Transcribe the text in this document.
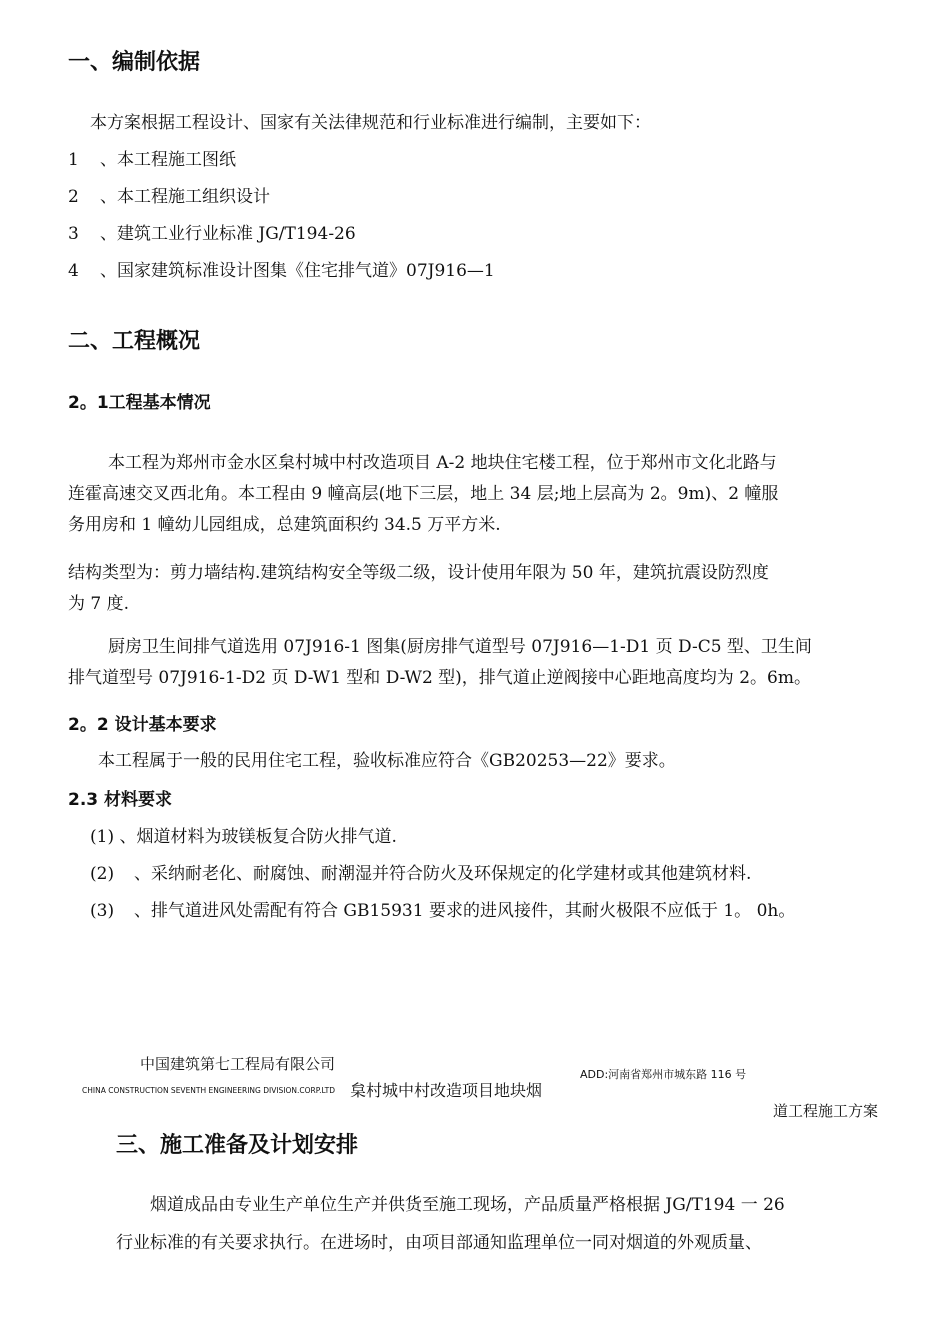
一、编制依据
本方案根据工程设计、国家有关法律规范和行业标准进行编制，主要如下：
1 、本工程施工图纸
2 、本工程施工组织设计
3 、建筑工业行业标准 JG/T194-26
4 、国家建筑标准设计图集《住宅排气道》07J916—1
二、工程概况
2。1工程基本情况
本工程为郑州市金水区枲村城中村改造项目 A-2 地块住宅楼工程，位于郑州市文化北路与
连霍高速交叉西北角。本工程由 9 幢高层(地下三层，地上 34 层;地上层高为 2。9m)、2 幢服
务用房和 1 幢幼儿园组成，总建筑面积约 34.5 万平方米.
结构类型为：剪力墙结构.建筑结构安全等级二级，设计使用年限为 50 年，建筑抗震设防烈度
为 7 度.
厨房卫生间排气道选用 07J916-1 图集(厨房排气道型号 07J916—1-D1 页 D-C5 型、卫生间
排气道型号 07J916-1-D2 页 D-W1 型和 D-W2 型)，排气道止逆阀接中心距地高度均为 2。6m。
2。2 设计基本要求
本工程属于一般的民用住宅工程，验收标准应符合《GB20253—22》要求。
2.3 材料要求
(1) 、烟道材料为玻镁板复合防火排气道.
(2) 、采纳耐老化、耐腐蚀、耐潮湿并符合防火及环保规定的化学建材或其他建筑材料.
(3) 、排气道进风处需配有符合 GB15931 要求的进风接件，其耐火极限不应低于 1。 0h。
中国建筑第七工程局有限公司
CHINA CONSTRUCTION SEVENTH ENGINEERING DIVISION.CORP.LTD 枲村城中村改造项目地块烟
ADD:河南省郑州市城东路 116 号
道工程施工方案
三、施工准备及计划安排
烟道成品由专业生产单位生产并供货至施工现场，产品质量严格根据 JG/T194 一 26
行业标准的有关要求执行。在进场时，由项目部通知监理单位一同对烟道的外观质量、
